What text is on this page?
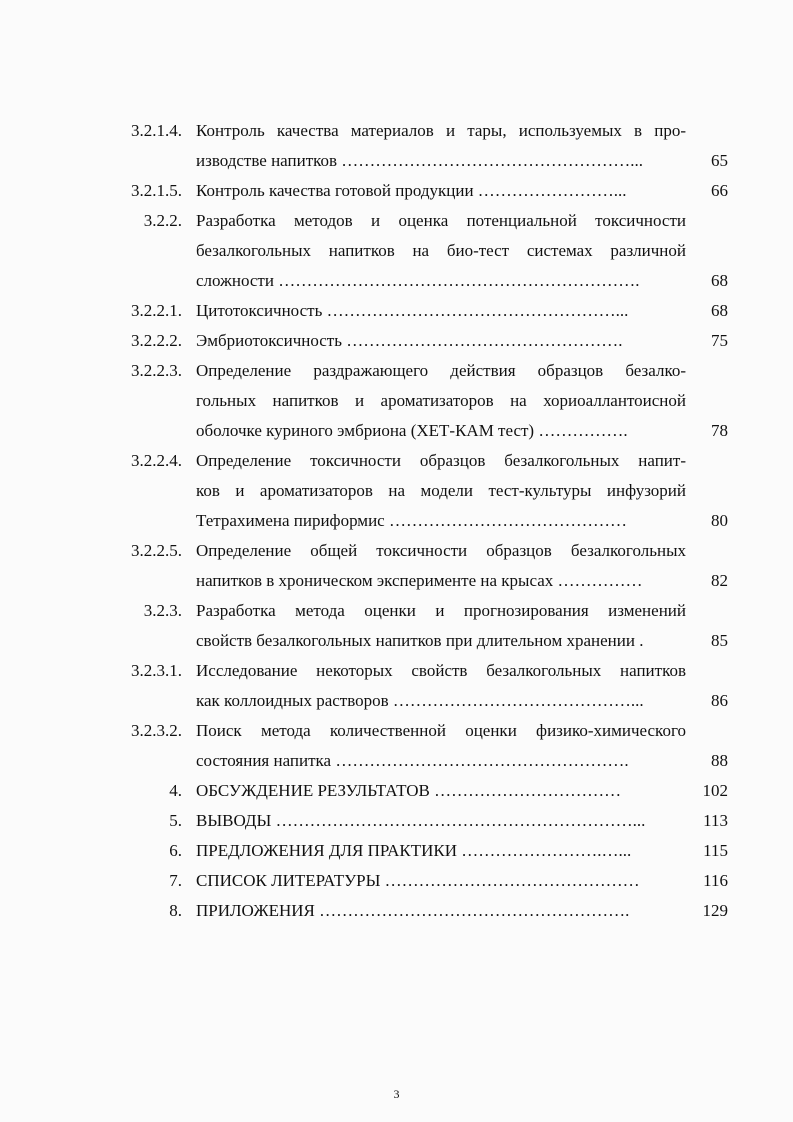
3.2.1.4. Контроль качества материалов и тары, используемых в про-
изводстве напитков ……………………………………………...	65
3.2.1.5. Контроль качества готовой продукции ……………………...	66
3.2.2. Разработка методов и оценка потенциальной токсичности
безалкогольных напитков на био-тест системах различной
сложности ……………………………………………………….	68
3.2.2.1. Цитотоксичность ……………………………………………...	68
3.2.2.2. Эмбриотоксичность ………………………………………….	75
3.2.2.3. Определение раздражающего действия образцов безалко-
гольных напитков и ароматизаторов на хориоаллантоисной
оболочке куриного эмбриона (ХЕТ-КАМ тест) …………….	78
3.2.2.4. Определение токсичности образцов безалкогольных напит-
ков и ароматизаторов на модели тест-культуры инфузорий
Тетрахимена пириформис ……………………………………	80
3.2.2.5. Определение общей токсичности образцов безалкогольных
напитков в хроническом эксперименте на крысах ……………	82
3.2.3. Разработка метода оценки и прогнозирования изменений
свойств безалкогольных напитков при длительном хранении .	85
3.2.3.1. Исследование некоторых свойств безалкогольных напитков
как коллоидных растворов ……………………………………...	86
3.2.3.2. Поиск метода количественной оценки физико-химического
состояния напитка …………………………………………….	88
4. ОБСУЖДЕНИЕ РЕЗУЛЬТАТОВ ……………………………	102
5. ВЫВОДЫ ………………………………………………………...	113
6. ПРЕДЛОЖЕНИЯ ДЛЯ ПРАКТИКИ …………………….…...	115
7. СПИСОК ЛИТЕРАТУРЫ ………………………………………	116
8. ПРИЛОЖЕНИЯ ……………………………………………….	129
3
